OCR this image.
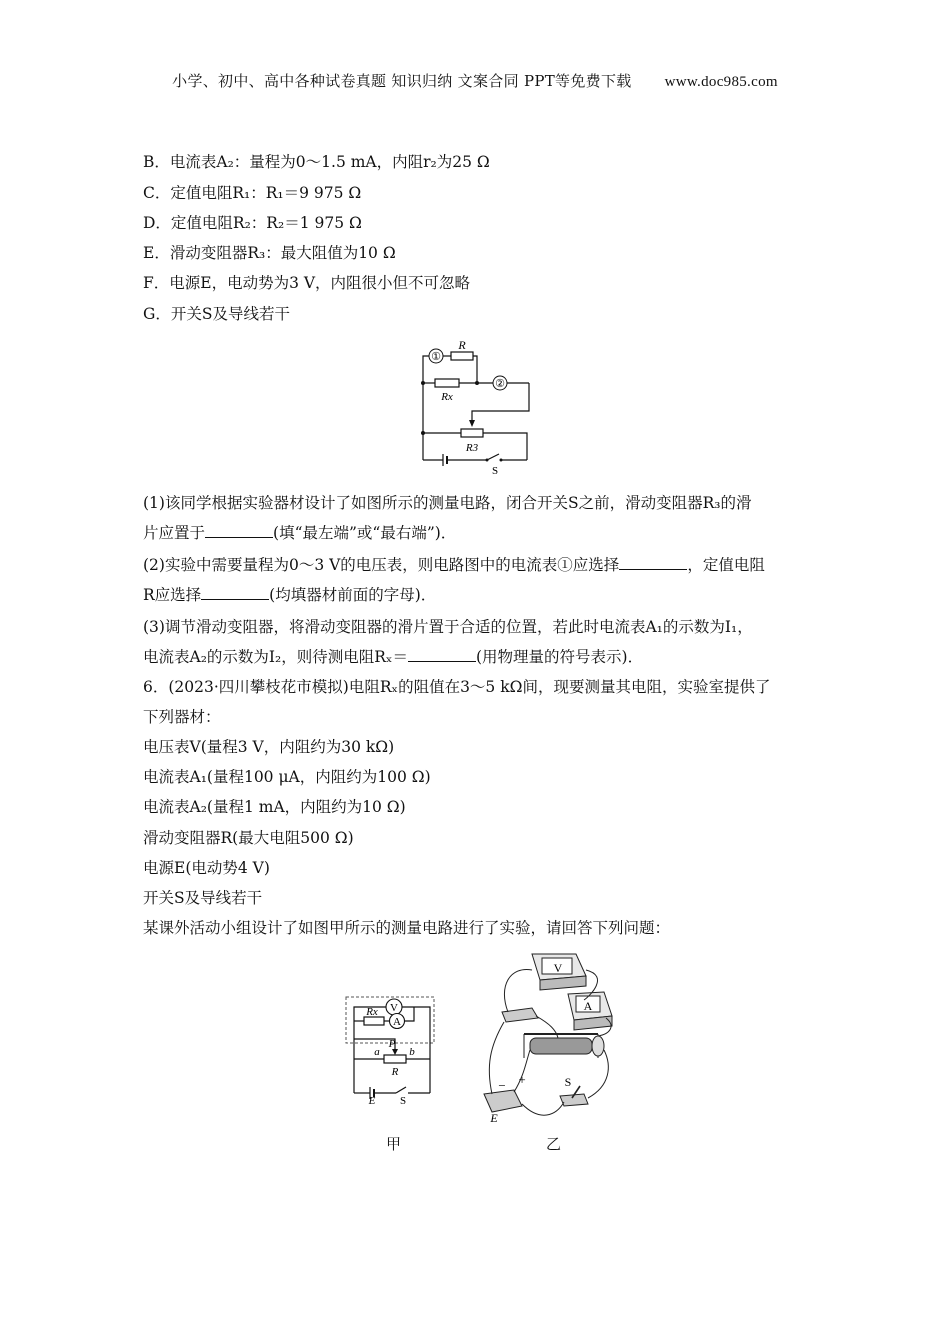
小学、初中、高中各种试卷真题 知识归纳 文案合同 PPT等免费下载 www.doc985.com
B．电流表A₂：量程为0～1.5 mA，内阻r₂为25 Ω
C．定值电阻R₁：R₁＝9 975 Ω
D．定值电阻R₂：R₂＝1 975 Ω
E．滑动变阻器R₃：最大阻值为10 Ω
F．电源E，电动势为3 V，内阻很小但不可忽略
G．开关S及导线若干
①
②
R
Rx
R3
S
(1)该同学根据实验器材设计了如图所示的测量电路，闭合开关S之前，滑动变阻器R₃的滑
片应置于	(填“最左端”或“最右端”)．
(2)实验中需要量程为0～3 V的电压表，则电路图中的电流表①应选择	，定值电阻
R应选择	(均填器材前面的字母)．
(3)调节滑动变阻器，将滑动变阻器的滑片置于合适的位置，若此时电流表A₁的示数为I₁，
电流表A₂的示数为I₂，则待测电阻Rₓ＝	(用物理量的符号表示)．
6．(2023·四川攀枝花市模拟)电阻Rₓ的阻值在3～5 kΩ间，现要测量其电阻，实验室提供了
下列器材：
电压表V(量程3 V，内阻约为30 kΩ)
电流表A₁(量程100 μA，内阻约为100 Ω)
电流表A₂(量程1 mA，内阻约为10 Ω)
滑动变阻器R(最大电阻500 Ω)
电源E(电动势4 V)
开关S及导线若干
某课外活动小组设计了如图甲所示的测量电路进行了实验，请回答下列问题：
V
A
Rx
P
a	b
R
E S
V
A
− +
E
S
甲	乙
